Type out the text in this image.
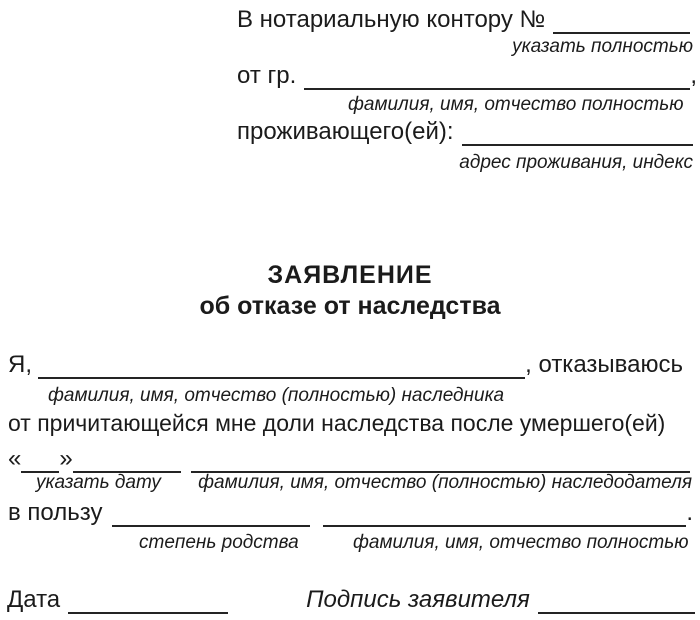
В нотариальную контору №
указать полностью
от гр.	,
фамилия, имя, отчество полностью
проживающего(ей):
адрес проживания, индекс
ЗАЯВЛЕНИЕ
об отказе от наследства
Я,	, отказываюсь
фамилия, имя, отчество (полностью) наследника
от причитающейся мне доли наследства после умершего(ей)
« »
указать дату фамилия, имя, отчество (полностью) наследодателя
в пользу	.
степень родства	фамилия, имя, отчество полностью
Дата	Подпись заявителя
